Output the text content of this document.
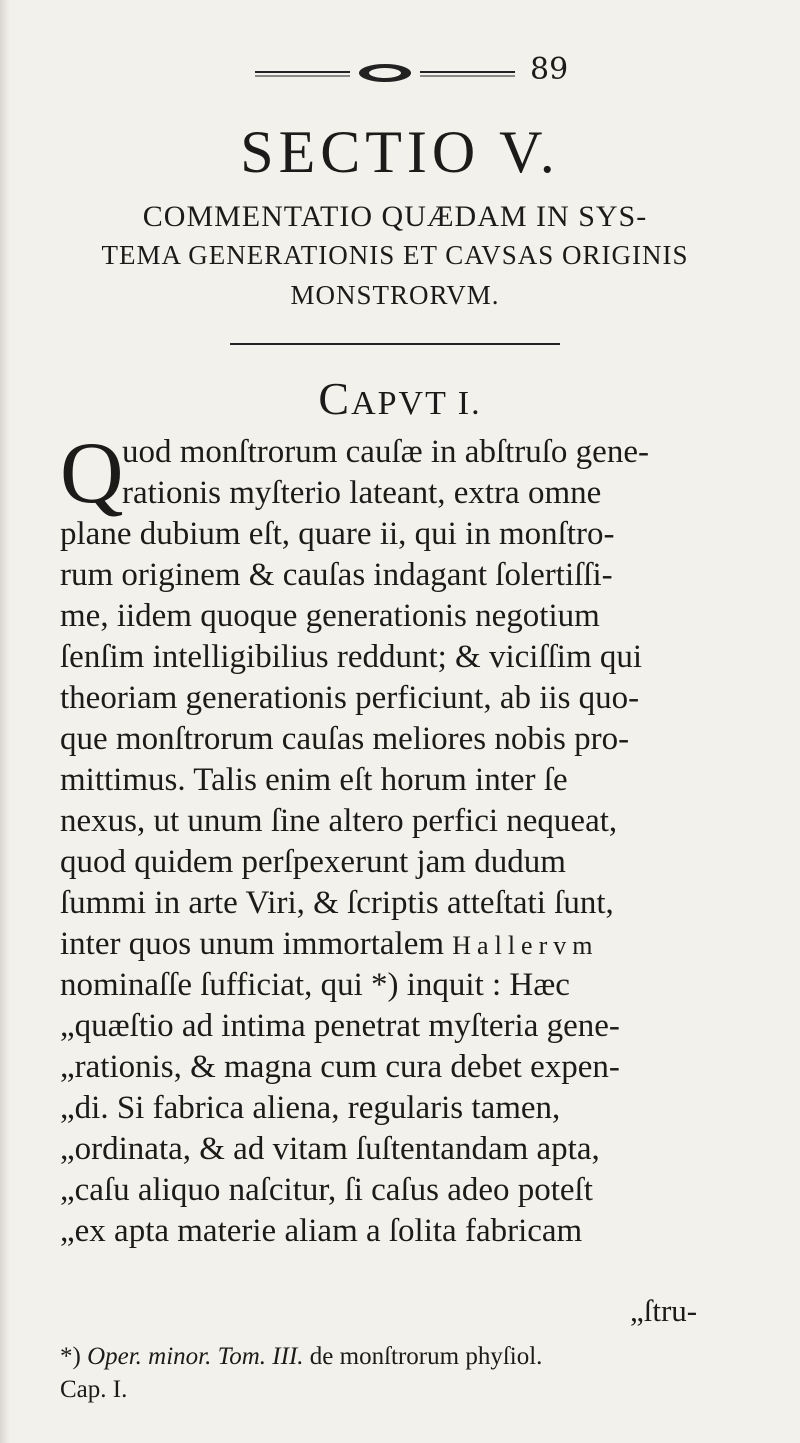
89
SECTIO V.
COMMENTATIO QUÆDAM IN SYS-
TEMA GENERATIONIS ET CAVSAS ORIGINIS
MONSTRORVM.
CAPVT I.
Q
uod monſtrorum cauſæ in abſtruſo gene-
rationis myſterio lateant, extra omne
plane dubium eſt, quare ii, qui in monſtro-
rum originem & cauſas indagant ſolertiſſi-
me, iidem quoque generationis negotium
ſenſim intelligibilius reddunt; & viciſſim qui
theoriam generationis perficiunt, ab iis quo-
que monſtrorum cauſas meliores nobis pro-
mittimus. Talis enim eſt horum inter ſe
nexus, ut unum ſine altero perfici nequeat,
quod quidem perſpexerunt jam dudum
ſummi in arte Viri, & ſcriptis atteſtati ſunt,
inter quos unum immortalem Hallervm
nominaſſe ſufficiat, qui *) inquit : Hæc
„quæſtio ad intima penetrat myſteria gene-
„rationis, & magna cum cura debet expen-
„di. Si fabrica aliena, regularis tamen,
„ordinata, & ad vitam ſuſtentandam apta,
„caſu aliquo naſcitur, ſi caſus adeo poteſt
„ex apta materie aliam a ſolita fabricam
„ſtru-
*) Oper. minor. Tom. III. de monſtrorum phyſiol.
Cap. I.
